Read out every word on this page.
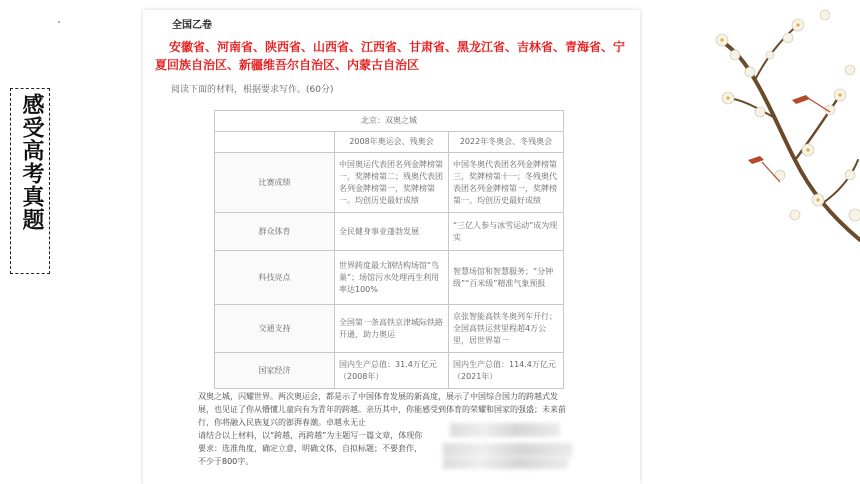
感受高考真题
全国乙卷
安徽省、河南省、陕西省、山西省、江西省、甘肃省、黑龙江省、吉林省、青海省、宁夏回族自治区、新疆维吾尔自治区、内蒙古自治区
阅读下面的材料，根据要求写作。(60分)
北京：双奥之城		
	2008年奥运会、残奥会	2022年冬奥会、冬残奥会
比赛成绩	中国奥运代表团名列金牌榜第一，奖牌榜第二；残奥代表团名列金牌榜第一，奖牌榜第一。均创历史最好成绩	中国冬奥代表团名列金牌榜第三，奖牌榜第十一；冬残奥代表团名列金牌榜第一，奖牌榜第一。均创历史最好成绩
群众体育	全民健身事业蓬勃发展	“三亿人参与冰雪运动”成为现实
科技亮点	世界跨度最大钢结构场馆“鸟巢”；场馆污水处理再生利用率达100%	智慧场馆和智慧服务；“分钟级”“百米级”精准气象预报
交通支持	全国第一条高铁京津城际铁路开通，助力奥运	京张智能高铁冬奥列车开行；全国高铁运营里程超4万公里，居世界第一
国家经济	国内生产总值：31.4万亿元（2008年）	国内生产总值：114.4万亿元（2021年）
双奥之城，闪耀世界。两次奥运会，都是示了中国体育发展的新高度，展示了中国综合国力的跨越式发展，也见证了你从懵懂儿童向有为青年的跨越。亲历其中，你能感受到体育的荣耀和国家的强盛；未来前行，你将融入民族复兴的澎湃春潮。卓越永无止
请结合以上材料，以“跨越，再跨越”为主题写一篇文章，体现你
要求：选准角度，确定立意，明确文体，自拟标题；不要套作，
不少于800字。
